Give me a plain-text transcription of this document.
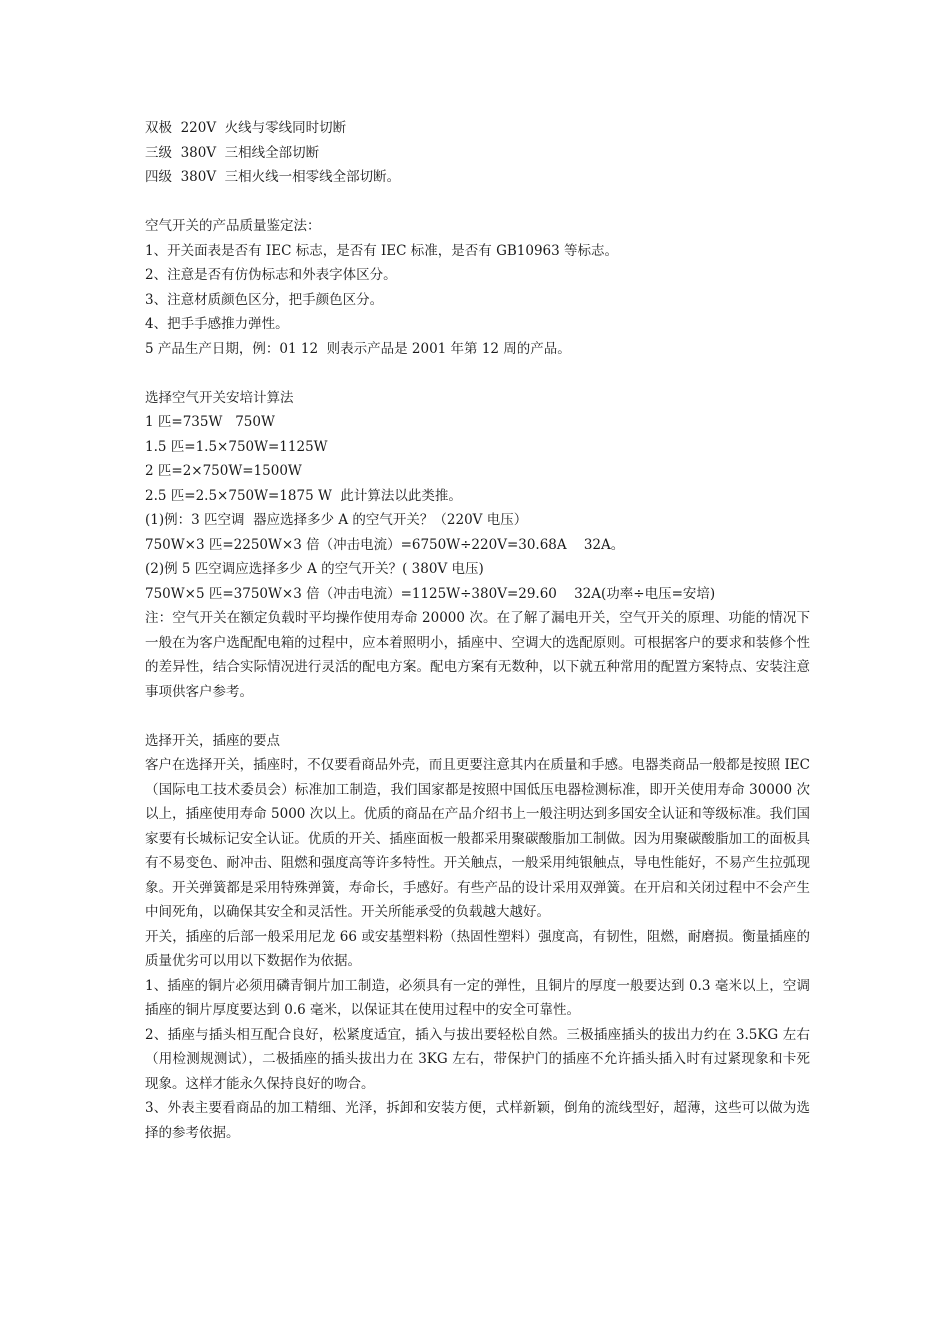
双极  220V  火线与零线同时切断
三级  380V  三相线全部切断
四级  380V  三相火线一相零线全部切断。
空气开关的产品质量鉴定法：
1、开关面表是否有 IEC 标志，是否有 IEC 标准，是否有 GB10963 等标志。
2、注意是否有仿伪标志和外表字体区分。
3、注意材质颜色区分，把手颜色区分。
4、把手手感推力弹性。
5 产品生产日期，例：01 12  则表示产品是 2001 年第 12 周的产品。
选择空气开关安培计算法
1 匹=735W   750W
1.5 匹=1.5×750W=1125W
2 匹=2×750W=1500W
2.5 匹=2.5×750W=1875 W  此计算法以此类推。
(1)例：3 匹空调  器应选择多少 A 的空气开关？（220V 电压）
750W×3 匹=2250W×3 倍（冲击电流）=6750W÷220V=30.68A    32A。
(2)例 5 匹空调应选择多少 A 的空气开关？( 380V 电压)
750W×5 匹=3750W×3 倍（冲击电流）=1125W÷380V=29.60    32A(功率÷电压=安培)
注：空气开关在额定负载时平均操作使用寿命 20000 次。在了解了漏电开关，空气开关的原理、功能的情况下一般在为客户选配配电箱的过程中，应本着照明小，插座中、空调大的选配原则。可根据客户的要求和装修个性的差异性，结合实际情况进行灵活的配电方案。配电方案有无数种，以下就五种常用的配置方案特点、安装注意事项供客户参考。
选择开关，插座的要点
客户在选择开关，插座时，不仅要看商品外壳，而且更要注意其内在质量和手感。电器类商品一般都是按照 IEC（国际电工技术委员会）标准加工制造，我们国家都是按照中国低压电器检测标准，即开关使用寿命 30000 次以上，插座使用寿命 5000 次以上。优质的商品在产品介绍书上一般注明达到多国安全认证和等级标准。我们国家要有长城标记安全认证。优质的开关、插座面板一般都采用聚碳酸脂加工制做。因为用聚碳酸脂加工的面板具有不易变色、耐冲击、阻燃和强度高等许多特性。开关触点，一般采用纯银触点，导电性能好，不易产生拉弧现象。开关弹簧都是采用特殊弹簧，寿命长，手感好。有些产品的设计采用双弹簧。在开启和关闭过程中不会产生中间死角，以确保其安全和灵活性。开关所能承受的负载越大越好。
开关，插座的后部一般采用尼龙 66 或安基塑料粉（热固性塑料）强度高，有韧性，阻燃，耐磨损。衡量插座的质量优劣可以用以下数据作为依据。
1、插座的铜片必须用磷青铜片加工制造，必须具有一定的弹性，且铜片的厚度一般要达到 0.3 毫米以上，空调插座的铜片厚度要达到 0.6 毫米，以保证其在使用过程中的安全可靠性。
2、插座与插头相互配合良好，松紧度适宜，插入与拔出要轻松自然。三极插座插头的拔出力约在 3.5KG 左右（用检测规测试），二极插座的插头拔出力在 3KG 左右，带保护门的插座不允许插头插入时有过紧现象和卡死现象。这样才能永久保持良好的吻合。
3、外表主要看商品的加工精细、光泽，拆卸和安装方便，式样新颖，倒角的流线型好，超薄，这些可以做为选择的参考依据。
